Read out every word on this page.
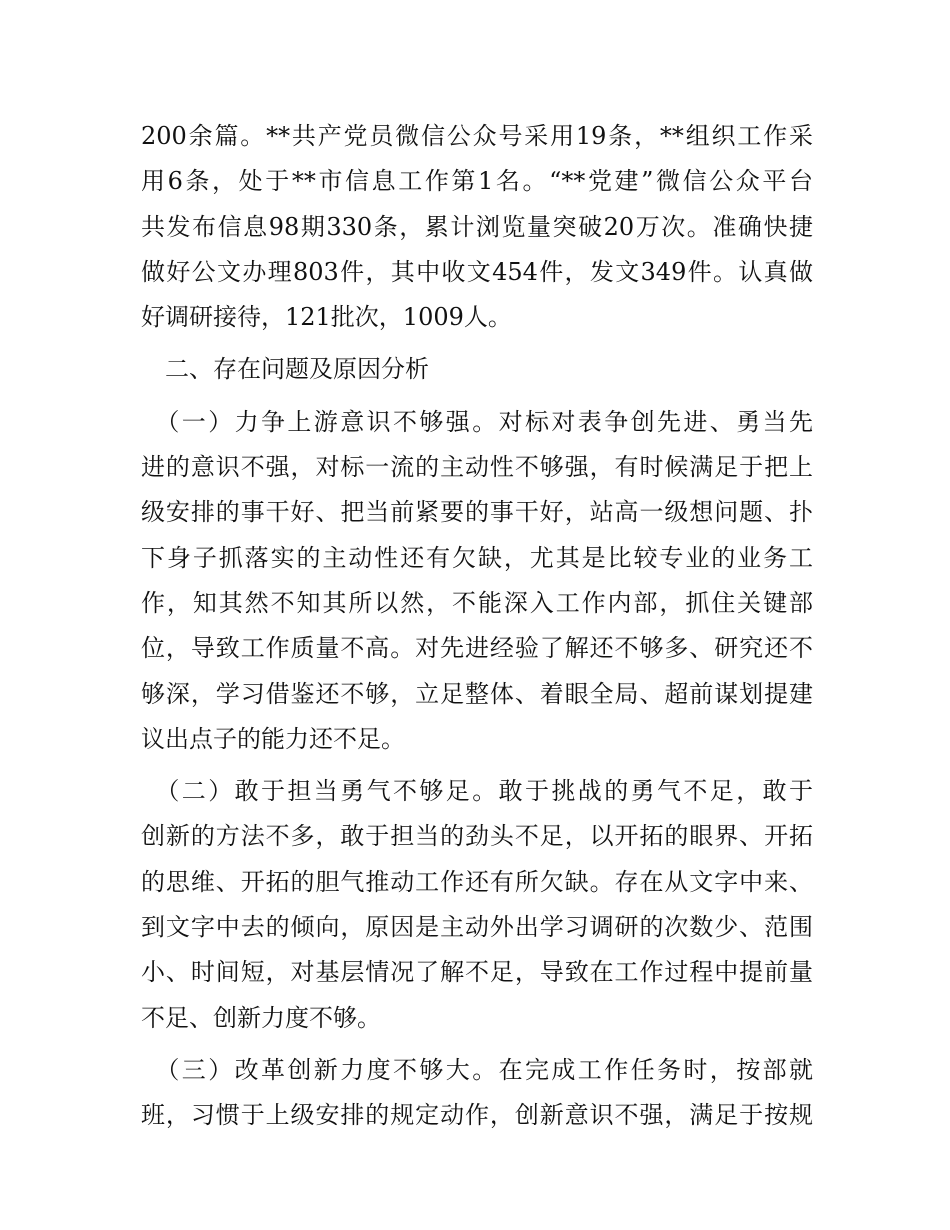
200余篇。**共产党员微信公众号采用19条，**组织工作采
用6条，处于**市信息工作第1名。“**党建”微信公众平台
共发布信息98期330条，累计浏览量突破20万次。准确快捷
做好公文办理803件，其中收文454件，发文349件。认真做
好调研接待，121批次，1009人。
　二、存在问题及原因分析
　（一）力争上游意识不够强。对标对表争创先进、勇当先
进的意识不强，对标一流的主动性不够强，有时候满足于把上
级安排的事干好、把当前紧要的事干好，站高一级想问题、扑
下身子抓落实的主动性还有欠缺，尤其是比较专业的业务工
作，知其然不知其所以然，不能深入工作内部，抓住关键部
位，导致工作质量不高。对先进经验了解还不够多、研究还不
够深，学习借鉴还不够，立足整体、着眼全局、超前谋划提建
议出点子的能力还不足。
　（二）敢于担当勇气不够足。敢于挑战的勇气不足，敢于
创新的方法不多，敢于担当的劲头不足，以开拓的眼界、开拓
的思维、开拓的胆气推动工作还有所欠缺。存在从文字中来、
到文字中去的倾向，原因是主动外出学习调研的次数少、范围
小、时间短，对基层情况了解不足，导致在工作过程中提前量
不足、创新力度不够。
　（三）改革创新力度不够大。在完成工作任务时，按部就
班，习惯于上级安排的规定动作，创新意识不强，满足于按规
